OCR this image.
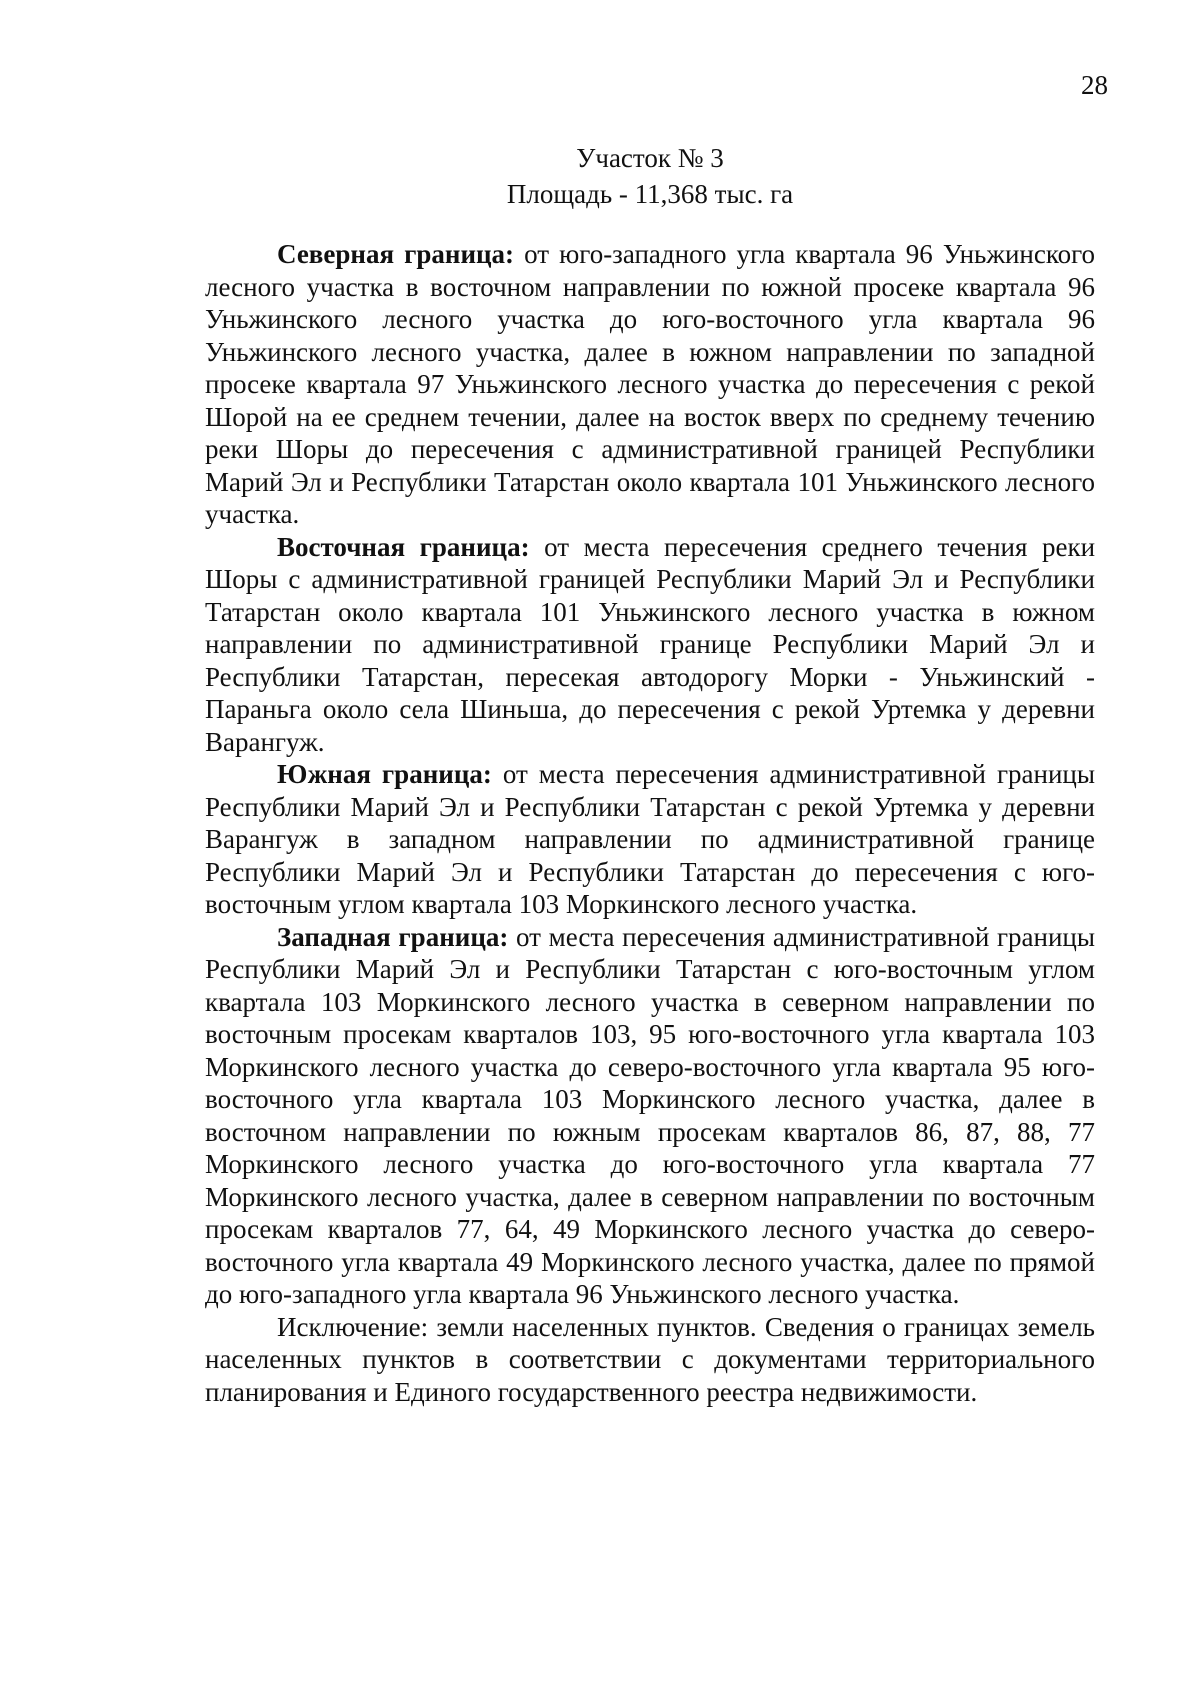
28
Участок № 3
Площадь - 11,368 тыс. га

Северная граница: от юго-западного угла квартала 96 Уньжинского лесного участка в восточном направлении по южной просеке квартала 96 Уньжинского лесного участка до юго-восточного угла квартала 96 Уньжинского лесного участка, далее в южном направлении по западной просеке квартала 97 Уньжинского лесного участка до пересечения с рекой Шорой на ее среднем течении, далее на восток вверх по среднему течению реки Шоры до пересечения с административной границей Республики Марий Эл и Республики Татарстан около квартала 101 Уньжинского лесного участка.

Восточная граница: от места пересечения среднего течения реки Шоры с административной границей Республики Марий Эл и Республики Татарстан около квартала 101 Уньжинского лесного участка в южном направлении по административной границе Республики Марий Эл и Республики Татарстан, пересекая автодорогу Морки - Уньжинский - Параньга около села Шиньша, до пересечения с рекой Уртемка у деревни Варангуж.

Южная граница: от места пересечения административной границы Республики Марий Эл и Республики Татарстан с рекой Уртемка у деревни Варангуж в западном направлении по административной границе Республики Марий Эл и Республики Татарстан до пересечения с юго-восточным углом квартала 103 Моркинского лесного участка.

Западная граница: от места пересечения административной границы Республики Марий Эл и Республики Татарстан с юго-восточным углом квартала 103 Моркинского лесного участка в северном направлении по восточным просекам кварталов 103, 95 юго-восточного угла квартала 103 Моркинского лесного участка до северо-восточного угла квартала 95 юго-восточного угла квартала 103 Моркинского лесного участка, далее в восточном направлении по южным просекам кварталов 86, 87, 88, 77 Моркинского лесного участка до юго-восточного угла квартала 77 Моркинского лесного участка, далее в северном направлении по восточным просекам кварталов 77, 64, 49 Моркинского лесного участка до северо-восточного угла квартала 49 Моркинского лесного участка, далее по прямой до юго-западного угла квартала 96 Уньжинского лесного участка.

Исключение: земли населенных пунктов. Сведения о границах земель населенных пунктов в соответствии с документами территориального планирования и Единого государственного реестра недвижимости.
